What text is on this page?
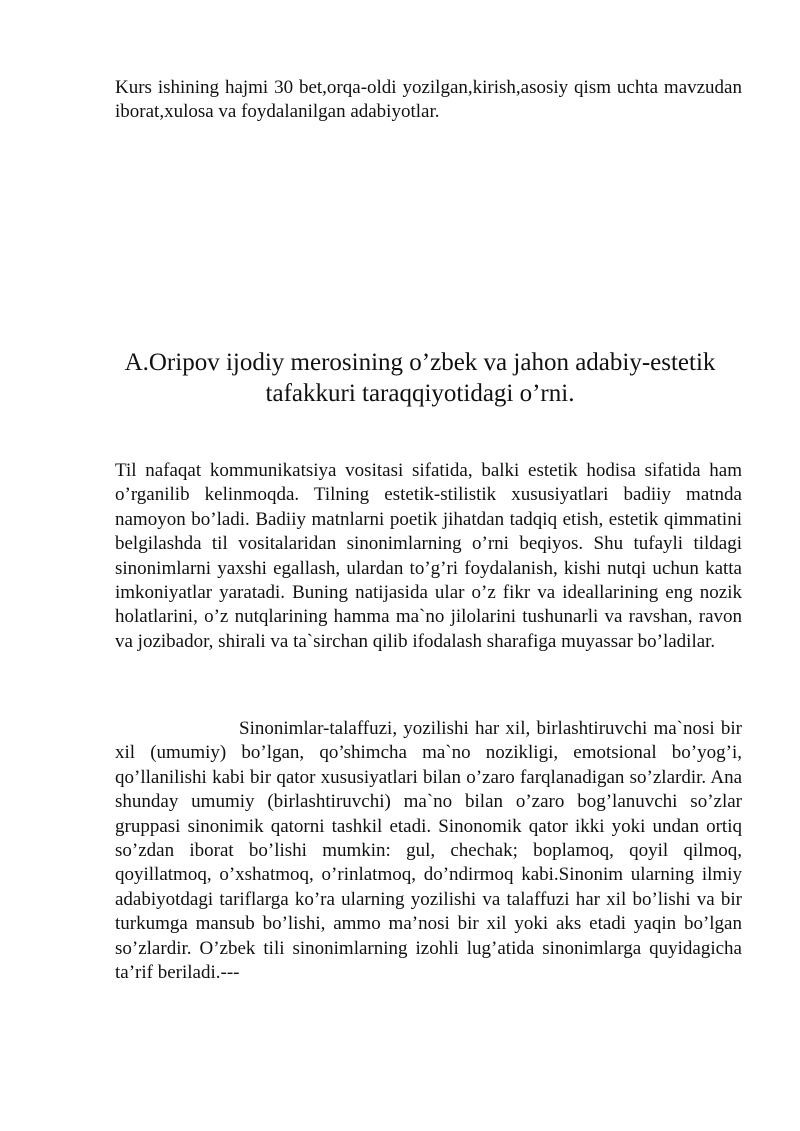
Kurs ishining hajmi 30 bet,orqa-oldi yozilgan,kirish,asosiy qism uchta mavzudan iborat,xulosa va foydalanilgan adabiyotlar.

A.Oripov ijodiy merosining o’zbek va jahon adabiy-estetik tafakkuri taraqqiyotidagi o’rni.

Til nafaqat kommunikatsiya vositasi sifatida, balki estetik hodisa sifatida ham o’rganilib kelinmoqda. Tilning estetik-stilistik xususiyatlari badiiy matnda namoyon bo’ladi. Badiiy matnlarni poetik jihatdan tadqiq etish, estetik qimmatini belgilashda til vositalaridan sinonimlarning o’rni beqiyos. Shu tufayli tildagi sinonimlarni yaxshi egallash, ulardan to’g’ri foydalanish, kishi nutqi uchun katta imkoniyatlar yaratadi. Buning natijasida ular o’z fikr va ideallarining eng nozik holatlarini, o’z nutqlarining hamma ma`no jilolarini tushunarli va ravshan, ravon va jozibador, shirali va ta`sirchan qilib ifodalash sharafiga muyassar bo’ladilar.

Sinonimlar-talaffuzi, yozilishi har xil, birlashtiruvchi ma`nosi bir xil (umumiy) bo’lgan, qo’shimcha ma`no nozikligi, emotsional bo’yog’i, qo’llanilishi kabi bir qator xususiyatlari bilan o’zaro farqlanadigan so’zlardir. Ana shunday umumiy (birlashtiruvchi) ma`no bilan o’zaro bog’lanuvchi so’zlar gruppasi sinonimik qatorni tashkil etadi. Sinonomik qator ikki yoki undan ortiq so’zdan iborat bo’lishi mumkin: gul, chechak; boplamoq, qoyil qilmoq, qoyillatmoq, o’xshatmoq, o’rinlatmoq, do’ndirmoq kabi.Sinonim ularning ilmiy adabiyotdagi tariflarga ko’ra ularning yozilishi va talaffuzi har xil bo’lishi va bir turkumga mansub bo’lishi, ammo ma’nosi bir xil yoki aks etadi yaqin bo’lgan so’zlardir. O’zbek tili sinonimlarning izohli lug’atida sinonimlarga quyidagicha ta’rif beriladi.---
